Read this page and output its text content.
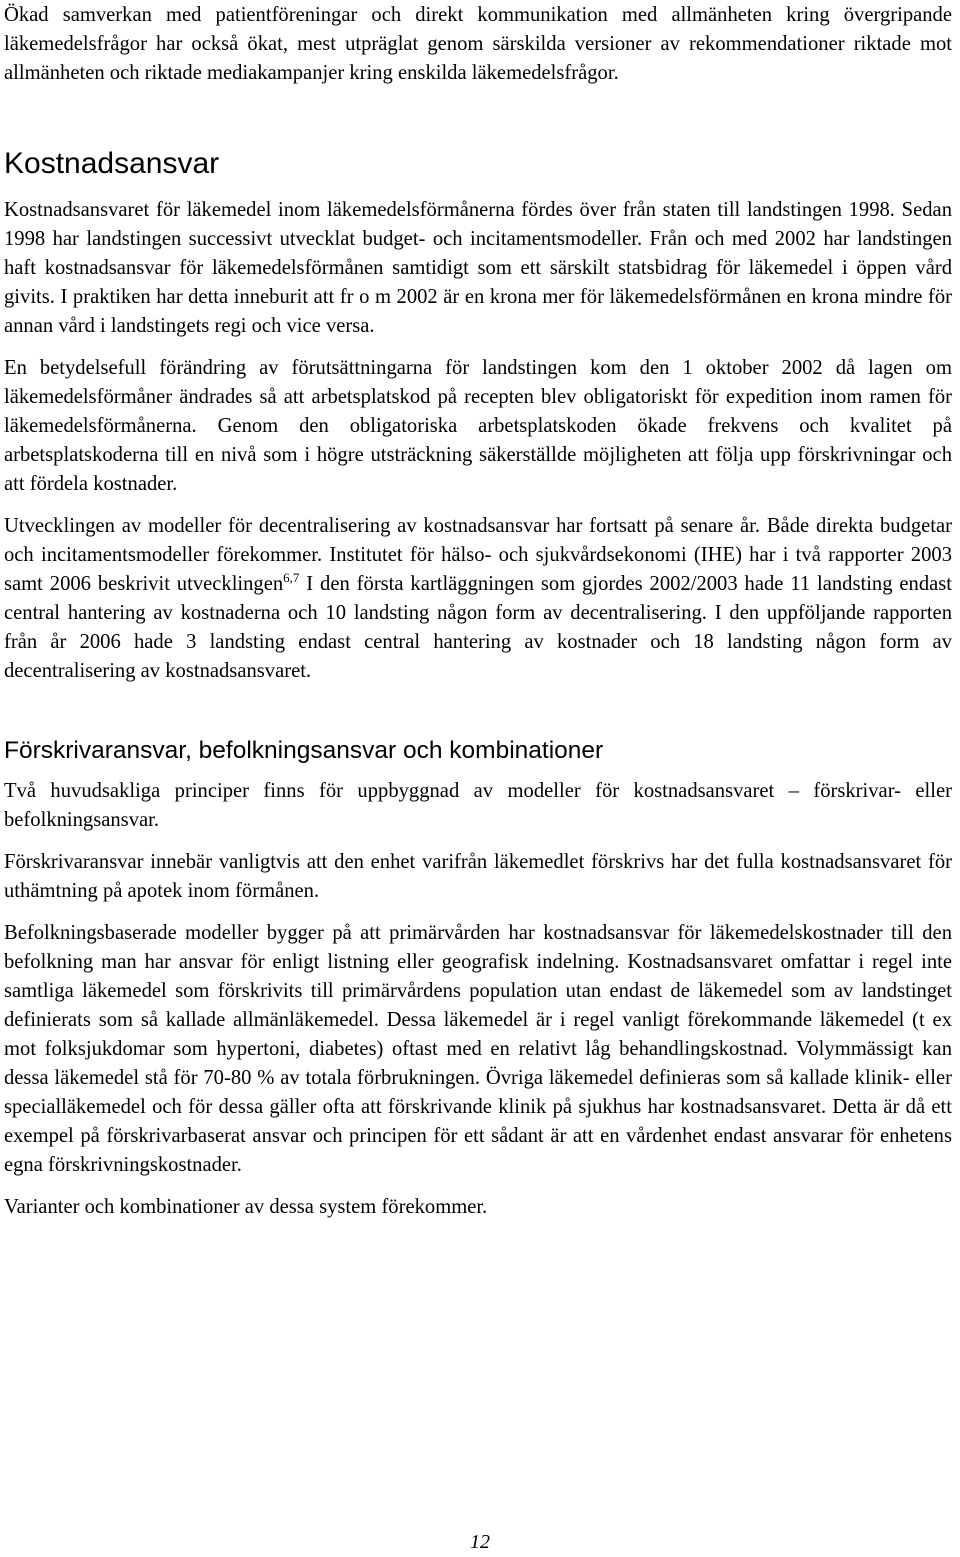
Ökad samverkan med patientföreningar och direkt kommunikation med allmänheten kring övergripande läkemedelsfrågor har också ökat, mest utpräglat genom särskilda versioner av rekommendationer riktade mot allmänheten och riktade mediakampanjer kring enskilda läkemedelsfrågor.

Kostnadsansvar

Kostnadsansvaret för läkemedel inom läkemedelsförmånerna fördes över från staten till landstingen 1998. Sedan 1998 har landstingen successivt utvecklat budget- och incitamentsmodeller. Från och med 2002 har landstingen haft kostnadsansvar för läkemedelsförmånen samtidigt som ett särskilt statsbidrag för läkemedel i öppen vård givits. I praktiken har detta inneburit att fr o m 2002 är en krona mer för läkemedelsförmånen en krona mindre för annan vård i landstingets regi och vice versa.

En betydelsefull förändring av förutsättningarna för landstingen kom den 1 oktober 2002 då lagen om läkemedelsförmåner ändrades så att arbetsplatskod på recepten blev obligatoriskt för expedition inom ramen för läkemedelsförmånerna. Genom den obligatoriska arbetsplatskoden ökade frekvens och kvalitet på arbetsplatskoderna till en nivå som i högre utsträckning säkerställde möjligheten att följa upp förskrivningar och att fördela kostnader.

Utvecklingen av modeller för decentralisering av kostnadsansvar har fortsatt på senare år. Både direkta budgetar och incitamentsmodeller förekommer. Institutet för hälso- och sjukvårdsekonomi (IHE) har i två rapporter 2003 samt 2006 beskrivit utvecklingen$^{6,7}$ I den första kartläggningen som gjordes 2002/2003 hade 11 landsting endast central hantering av kostnaderna och 10 landsting någon form av decentralisering. I den uppföljande rapporten från år 2006 hade 3 landsting endast central hantering av kostnader och 18 landsting någon form av decentralisering av kostnadsansvaret.

Förskrivaransvar, befolkningsansvar och kombinationer

Två huvudsakliga principer finns för uppbyggnad av modeller för kostnadsansvaret – förskrivar- eller befolkningsansvar.

Förskrivaransvar innebär vanligtvis att den enhet varifrån läkemedlet förskrivs har det fulla kostnadsansvaret för uthämtning på apotek inom förmånen.

Befolkningsbaserade modeller bygger på att primärvården har kostnadsansvar för läkemedelskostnader till den befolkning man har ansvar för enligt listning eller geografisk indelning. Kostnadsansvaret omfattar i regel inte samtliga läkemedel som förskrivits till primärvårdens population utan endast de läkemedel som av landstinget definierats som så kallade allmänläkemedel. Dessa läkemedel är i regel vanligt förekommande läkemedel (t ex mot folksjukdomar som hypertoni, diabetes) oftast med en relativt låg behandlingskostnad. Volymmässigt kan dessa läkemedel stå för 70-80 % av totala förbrukningen. Övriga läkemedel definieras som så kallade klinik- eller specialläkemedel och för dessa gäller ofta att förskrivande klinik på sjukhus har kostnadsansvaret. Detta är då ett exempel på förskrivarbaserat ansvar och principen för ett sådant är att en vårdenhet endast ansvarar för enhetens egna förskrivningskostnader.

Varianter och kombinationer av dessa system förekommer.

12
